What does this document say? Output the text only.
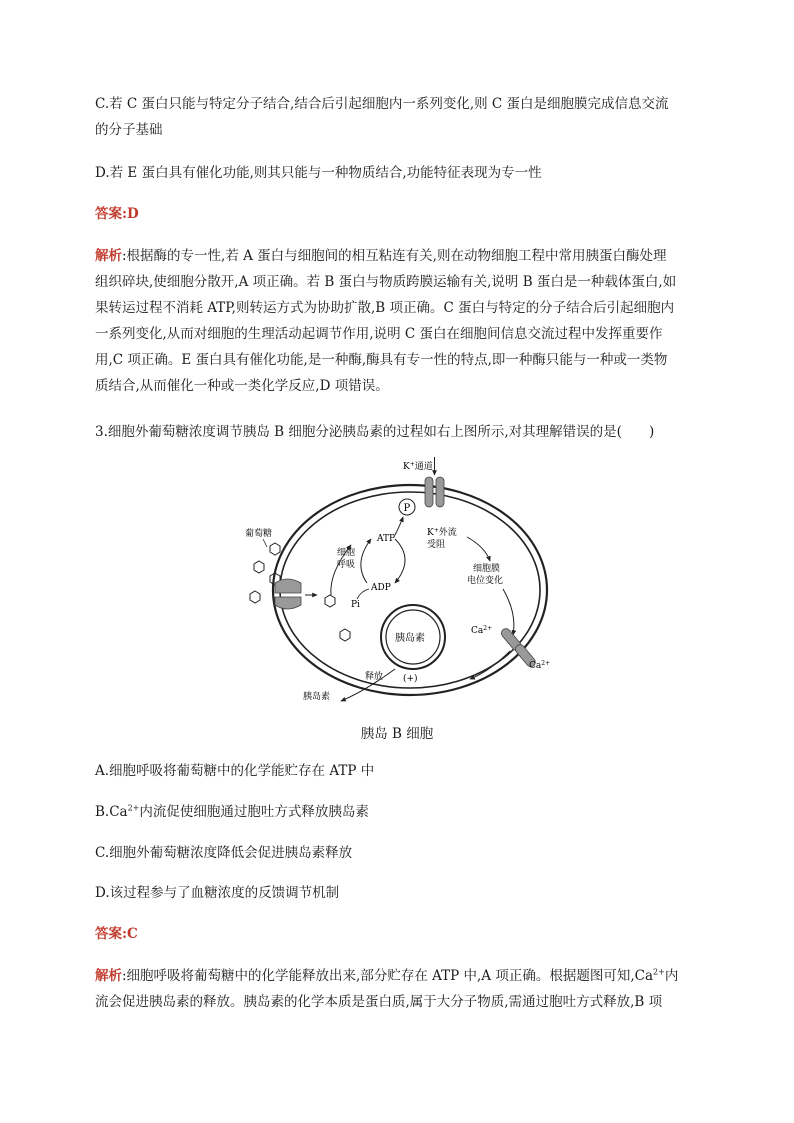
C.若 C 蛋白只能与特定分子结合,结合后引起细胞内一系列变化,则 C 蛋白是细胞膜完成信息交流

的分子基础

D.若 E 蛋白具有催化功能,则其只能与一种物质结合,功能特征表现为专一性

答案:D

解析:根据酶的专一性,若 A 蛋白与细胞间的相互粘连有关,则在动物细胞工程中常用胰蛋白酶处理

组织碎块,使细胞分散开,A 项正确。若 B 蛋白与物质跨膜运输有关,说明 B 蛋白是一种载体蛋白,如

果转运过程不消耗 ATP,则转运方式为协助扩散,B 项正确。C 蛋白与特定的分子结合后引起细胞内

一系列变化,从而对细胞的生理活动起调节作用,说明 C 蛋白在细胞间信息交流过程中发挥重要作

用,C 项正确。E 蛋白具有催化功能,是一种酶,酶具有专一性的特点,即一种酶只能与一种或一类物

质结合,从而催化一种或一类化学反应,D 项错误。

3.细胞外葡萄糖浓度调节胰岛 B 细胞分泌胰岛素的过程如右上图所示,对其理解错误的是(　　)

K+通道
P
葡萄糖
细胞
呼吸
ATP
ADP
Pi
K+外流
受阻
细胞膜
电位变化
$Ca^{2+}$
$Ca^{2+}$
胰岛素
释放 (+)
胰岛素
胰岛 B 细胞

A.细胞呼吸将葡萄糖中的化学能贮存在 ATP 中

$B.Ca^{2+}$内流促使细胞通过胞吐方式释放胰岛素

C.细胞外葡萄糖浓度降低会促进胰岛素释放

D.该过程参与了血糖浓度的反馈调节机制

答案:C

解析:细胞呼吸将葡萄糖中的化学能释放出来,部分贮存在 ATP 中,A 项正确。根据题图可知$,Ca^{2+}$内

流会促进胰岛素的释放。胰岛素的化学本质是蛋白质,属于大分子物质,需通过胞吐方式释放,B 项
